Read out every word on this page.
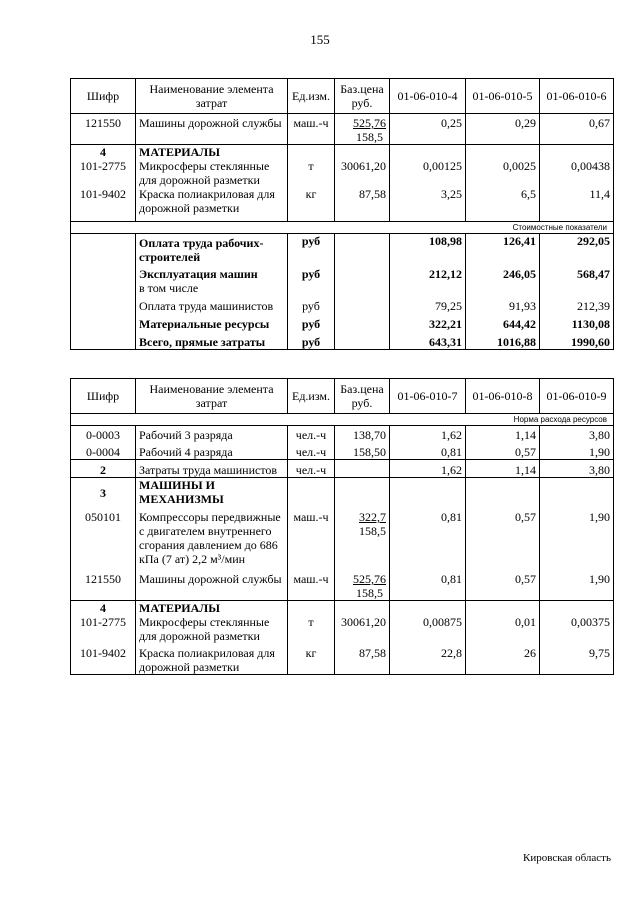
155
Шифр	Наименование элемента затрат	Ед.изм.	Баз.цена руб.	01-06-010-4	01-06-010-5	01-06-010-6
121550	Машины дорожной службы	маш.-ч	$\frac{525,76}{158,5}$	0,25	0,29	0,67
4	МАТЕРИАЛЫ					
101-2775	Микросферы стеклянные для дорожной разметки	т	30061,20	0,00125	0,0025	0,00438
101-9402	Краска полиакриловая для дорожной разметки	кг	87,58	3,25	6,5	11,4

Стоимостные показатели						
	Оплата труда рабочих-строителей	руб		108,98	126,41	292,05
	Эксплуатация машин	руб		212,12	246,05	568,47
	в том числе					
	Оплата труда машинистов	руб		79,25	91,93	212,39
	Материальные ресурсы	руб		322,21	644,42	1130,08
	Всего, прямые затраты	руб		643,31	1016,88	1990,60
Шифр	Наименование элемента затрат	Ед.изм.	Баз.цена руб.	01-06-010-7	01-06-010-8	01-06-010-9
Норма расхода ресурсов						
0-0003	Рабочий 3 разряда	чел.-ч	138,70	1,62	1,14	3,80
0-0004	Рабочий 4 разряда	чел.-ч	158,50	0,81	0,57	1,90
2	Затраты труда машинистов	чел.-ч		1,62	1,14	3,80
3	МАШИНЫ И МЕХАНИЗМЫ					
050101	Компрессоры передвижные с двигателем внутреннего сгорания давлением до 686 кПа (7 ат) 2,2 м³/мин	маш.-ч	$\frac{322,7}{158,5}$	0,81	0,57	1,90
121550	Машины дорожной службы	маш.-ч	$\frac{525,76}{158,5}$	0,81	0,57	1,90
4	МАТЕРИАЛЫ					
101-2775	Микросферы стеклянные для дорожной разметки	т	30061,20	0,00875	0,01	0,00375
101-9402	Краска полиакриловая для дорожной разметки	кг	87,58	22,8	26	9,75
Кировская область
